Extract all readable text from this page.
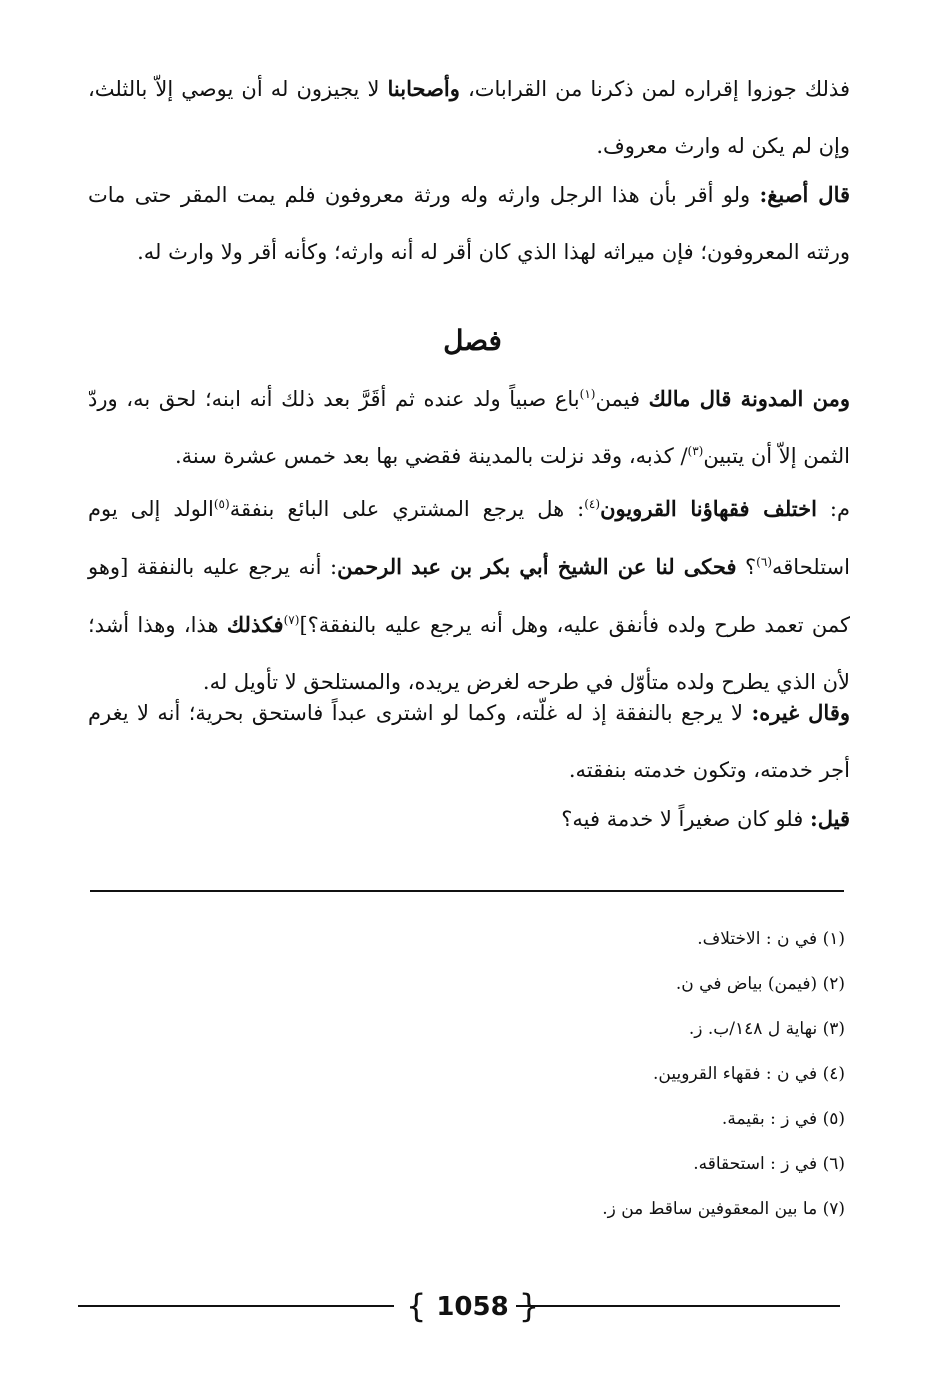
فذلك جوزوا إقراره لمن ذكرنا من القرابات، وأصحابنا لا يجيزون له أن يوصي إلاّ بالثلث، وإن لم يكن له وارث معروف.

قال أصبغ: ولو أقر بأن هذا الرجل وارثه وله ورثة معروفون فلم يمت المقر حتى مات ورثته المعروفون؛ فإن ميراثه لهذا الذي كان أقر له أنه وارثه؛ وكأنه أقر ولا وارث له.

فصل

ومن المدونة قال مالك فيمن$^{(١)}$باع صبياً ولد عنده ثم أقَرَّ بعد ذلك أنه ابنه؛ لحق به، وردّ الثمن إلاّ أن يتبين$^{(٣)}$/ كذبه، وقد نزلت بالمدينة فقضي بها بعد خمس عشرة سنة.

م: اختلف فقهاؤنا القرويون$^{(٤)}$: هل يرجع المشتري على البائع بنفقة$^{(٥)}$الولد إلى يوم استلحاقه$^{(٦)}$؟ فحكى لنا عن الشيخ أبي بكر بن عبد الرحمن: أنه يرجع عليه بالنفقة [وهو كمن تعمد طرح ولده فأنفق عليه، وهل أنه يرجع عليه بالنفقة؟]$^{(٧)}$فكذلك هذا، وهذا أشد؛ لأن الذي يطرح ولده متأوّل في طرحه لغرض يريده، والمستلحق لا تأويل له.

وقال غيره: لا يرجع بالنفقة إذ له غلّته، وكما لو اشترى عبداً فاستحق بحرية؛ أنه لا يغرم أجر خدمته، وتكون خدمته بنفقته.

قيل: فلو كان صغيراً لا خدمة فيه؟

(١) في ن : الاختلاف.

(٢) (فيمن) بياض في ن.

(٣) نهاية ل ١٤٨/ب. ز.

(٤) في ن : فقهاء القرويين.

(٥) في ز : بقيمة.

(٦) في ز : استحقاقه.

(٧) ما بين المعقوفين ساقط من ز.

{ 1058 }
